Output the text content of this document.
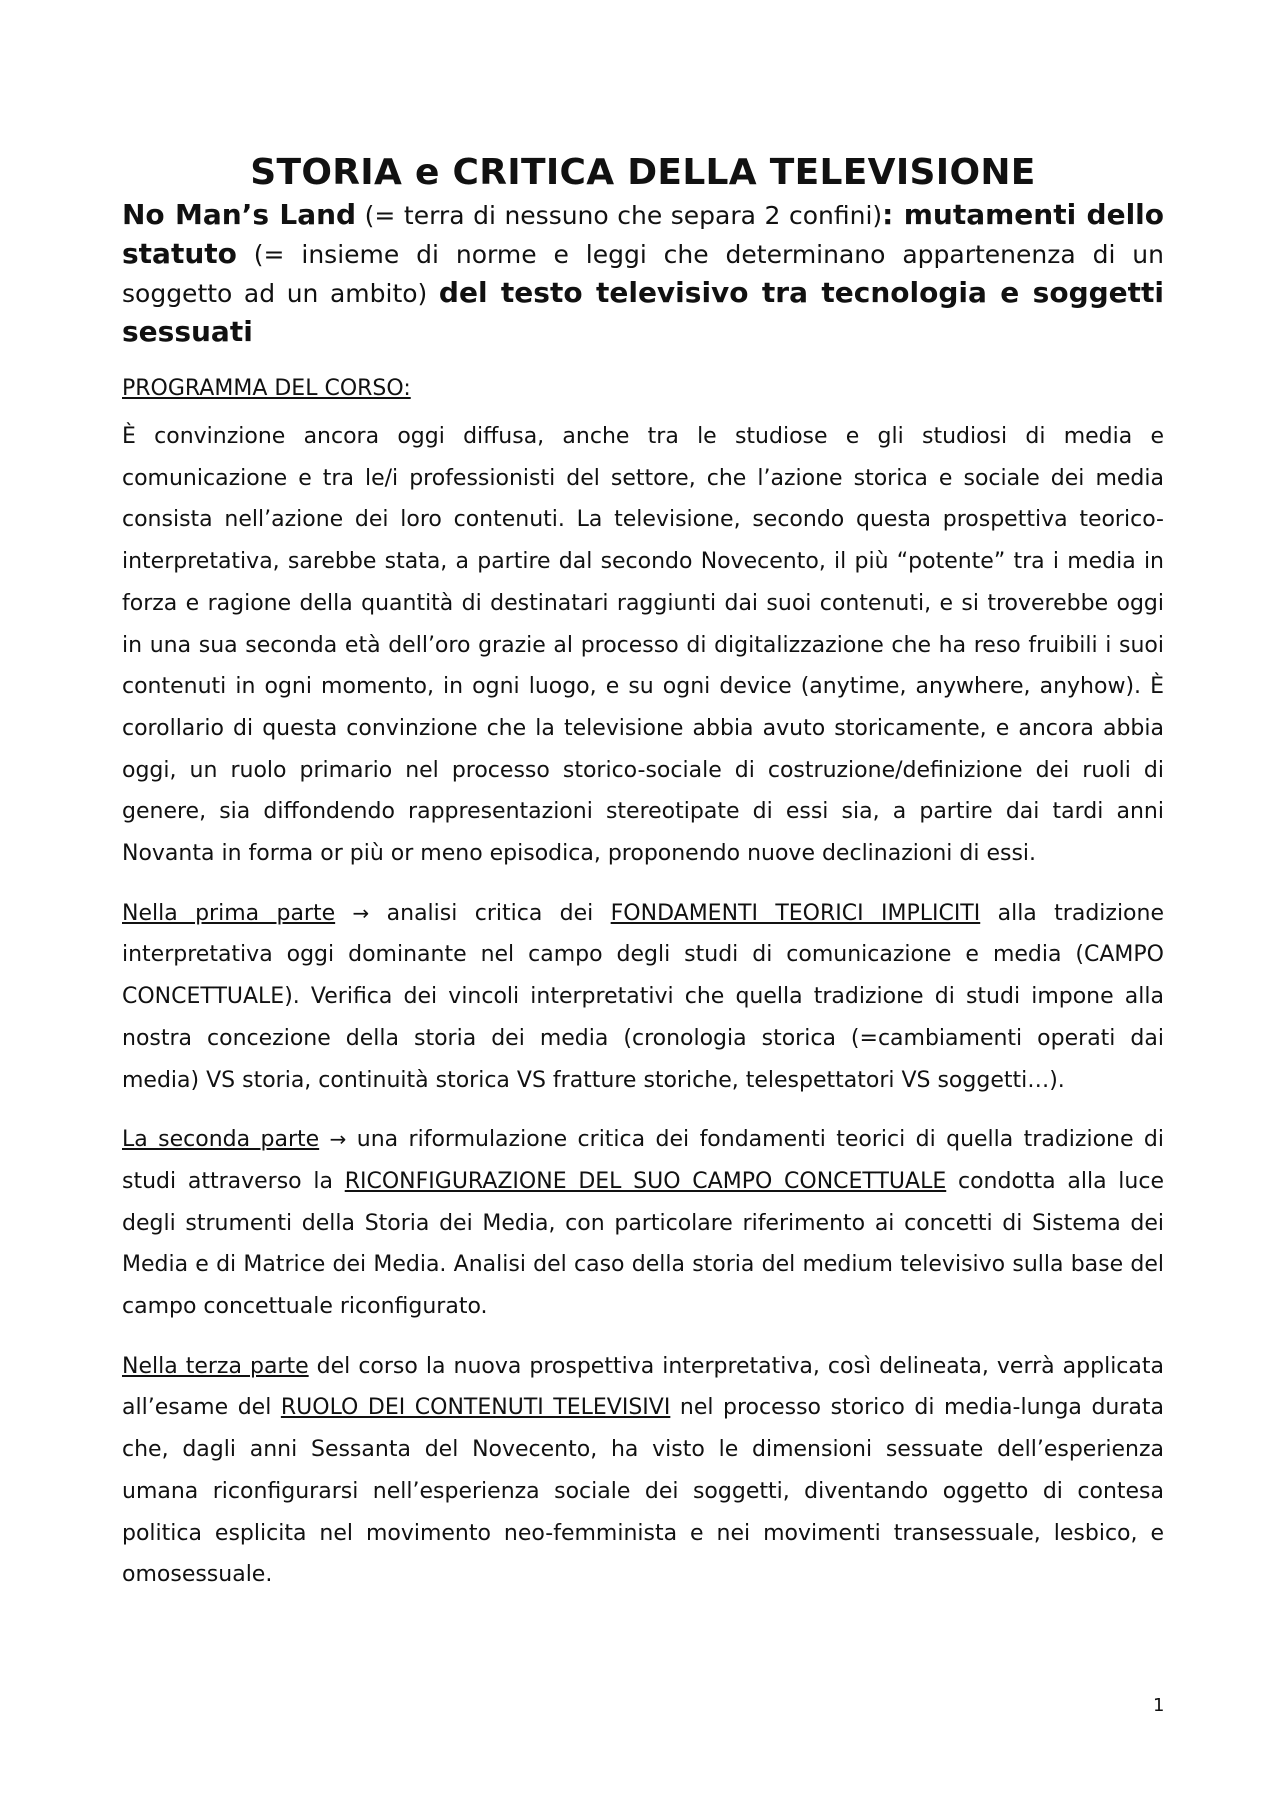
STORIA e CRITICA DELLA TELEVISIONE

No Man’s Land (= terra di nessuno che separa 2 confini): mutamenti dello statuto (= insieme di norme e leggi che determinano appartenenza di un soggetto ad un ambito) del testo televisivo tra tecnologia e soggetti sessuati

PROGRAMMA DEL CORSO:

È convinzione ancora oggi diffusa, anche tra le studiose e gli studiosi di media e comunicazione e tra le/i professionisti del settore, che l’azione storica e sociale dei media consista nell’azione dei loro contenuti. La televisione, secondo questa prospettiva teorico-interpretativa, sarebbe stata, a partire dal secondo Novecento, il più “potente” tra i media in forza e ragione della quantità di destinatari raggiunti dai suoi contenuti, e si troverebbe oggi in una sua seconda età dell’oro grazie al processo di digitalizzazione che ha reso fruibili i suoi contenuti in ogni momento, in ogni luogo, e su ogni device (anytime, anywhere, anyhow). È corollario di questa convinzione che la televisione abbia avuto storicamente, e ancora abbia oggi, un ruolo primario nel processo storico-sociale di costruzione/definizione dei ruoli di genere, sia diffondendo rappresentazioni stereotipate di essi sia, a partire dai tardi anni Novanta in forma or più or meno episodica, proponendo nuove declinazioni di essi.

Nella prima parte → analisi critica dei FONDAMENTI TEORICI IMPLICITI alla tradizione interpretativa oggi dominante nel campo degli studi di comunicazione e media (CAMPO CONCETTUALE). Verifica dei vincoli interpretativi che quella tradizione di studi impone alla nostra concezione della storia dei media (cronologia storica (=cambiamenti operati dai media) VS storia, continuità storica VS fratture storiche, telespettatori VS soggetti…).

La seconda parte → una riformulazione critica dei fondamenti teorici di quella tradizione di studi attraverso la RICONFIGURAZIONE DEL SUO CAMPO CONCETTUALE condotta alla luce degli strumenti della Storia dei Media, con particolare riferimento ai concetti di Sistema dei Media e di Matrice dei Media. Analisi del caso della storia del medium televisivo sulla base del campo concettuale riconfigurato.

Nella terza parte del corso la nuova prospettiva interpretativa, così delineata, verrà applicata all’esame del RUOLO DEI CONTENUTI TELEVISIVI nel processo storico di media-lunga durata che, dagli anni Sessanta del Novecento, ha visto le dimensioni sessuate dell’esperienza umana riconfigurarsi nell’esperienza sociale dei soggetti, diventando oggetto di contesa politica esplicita nel movimento neo-femminista e nei movimenti transessuale, lesbico, e omosessuale.

1
